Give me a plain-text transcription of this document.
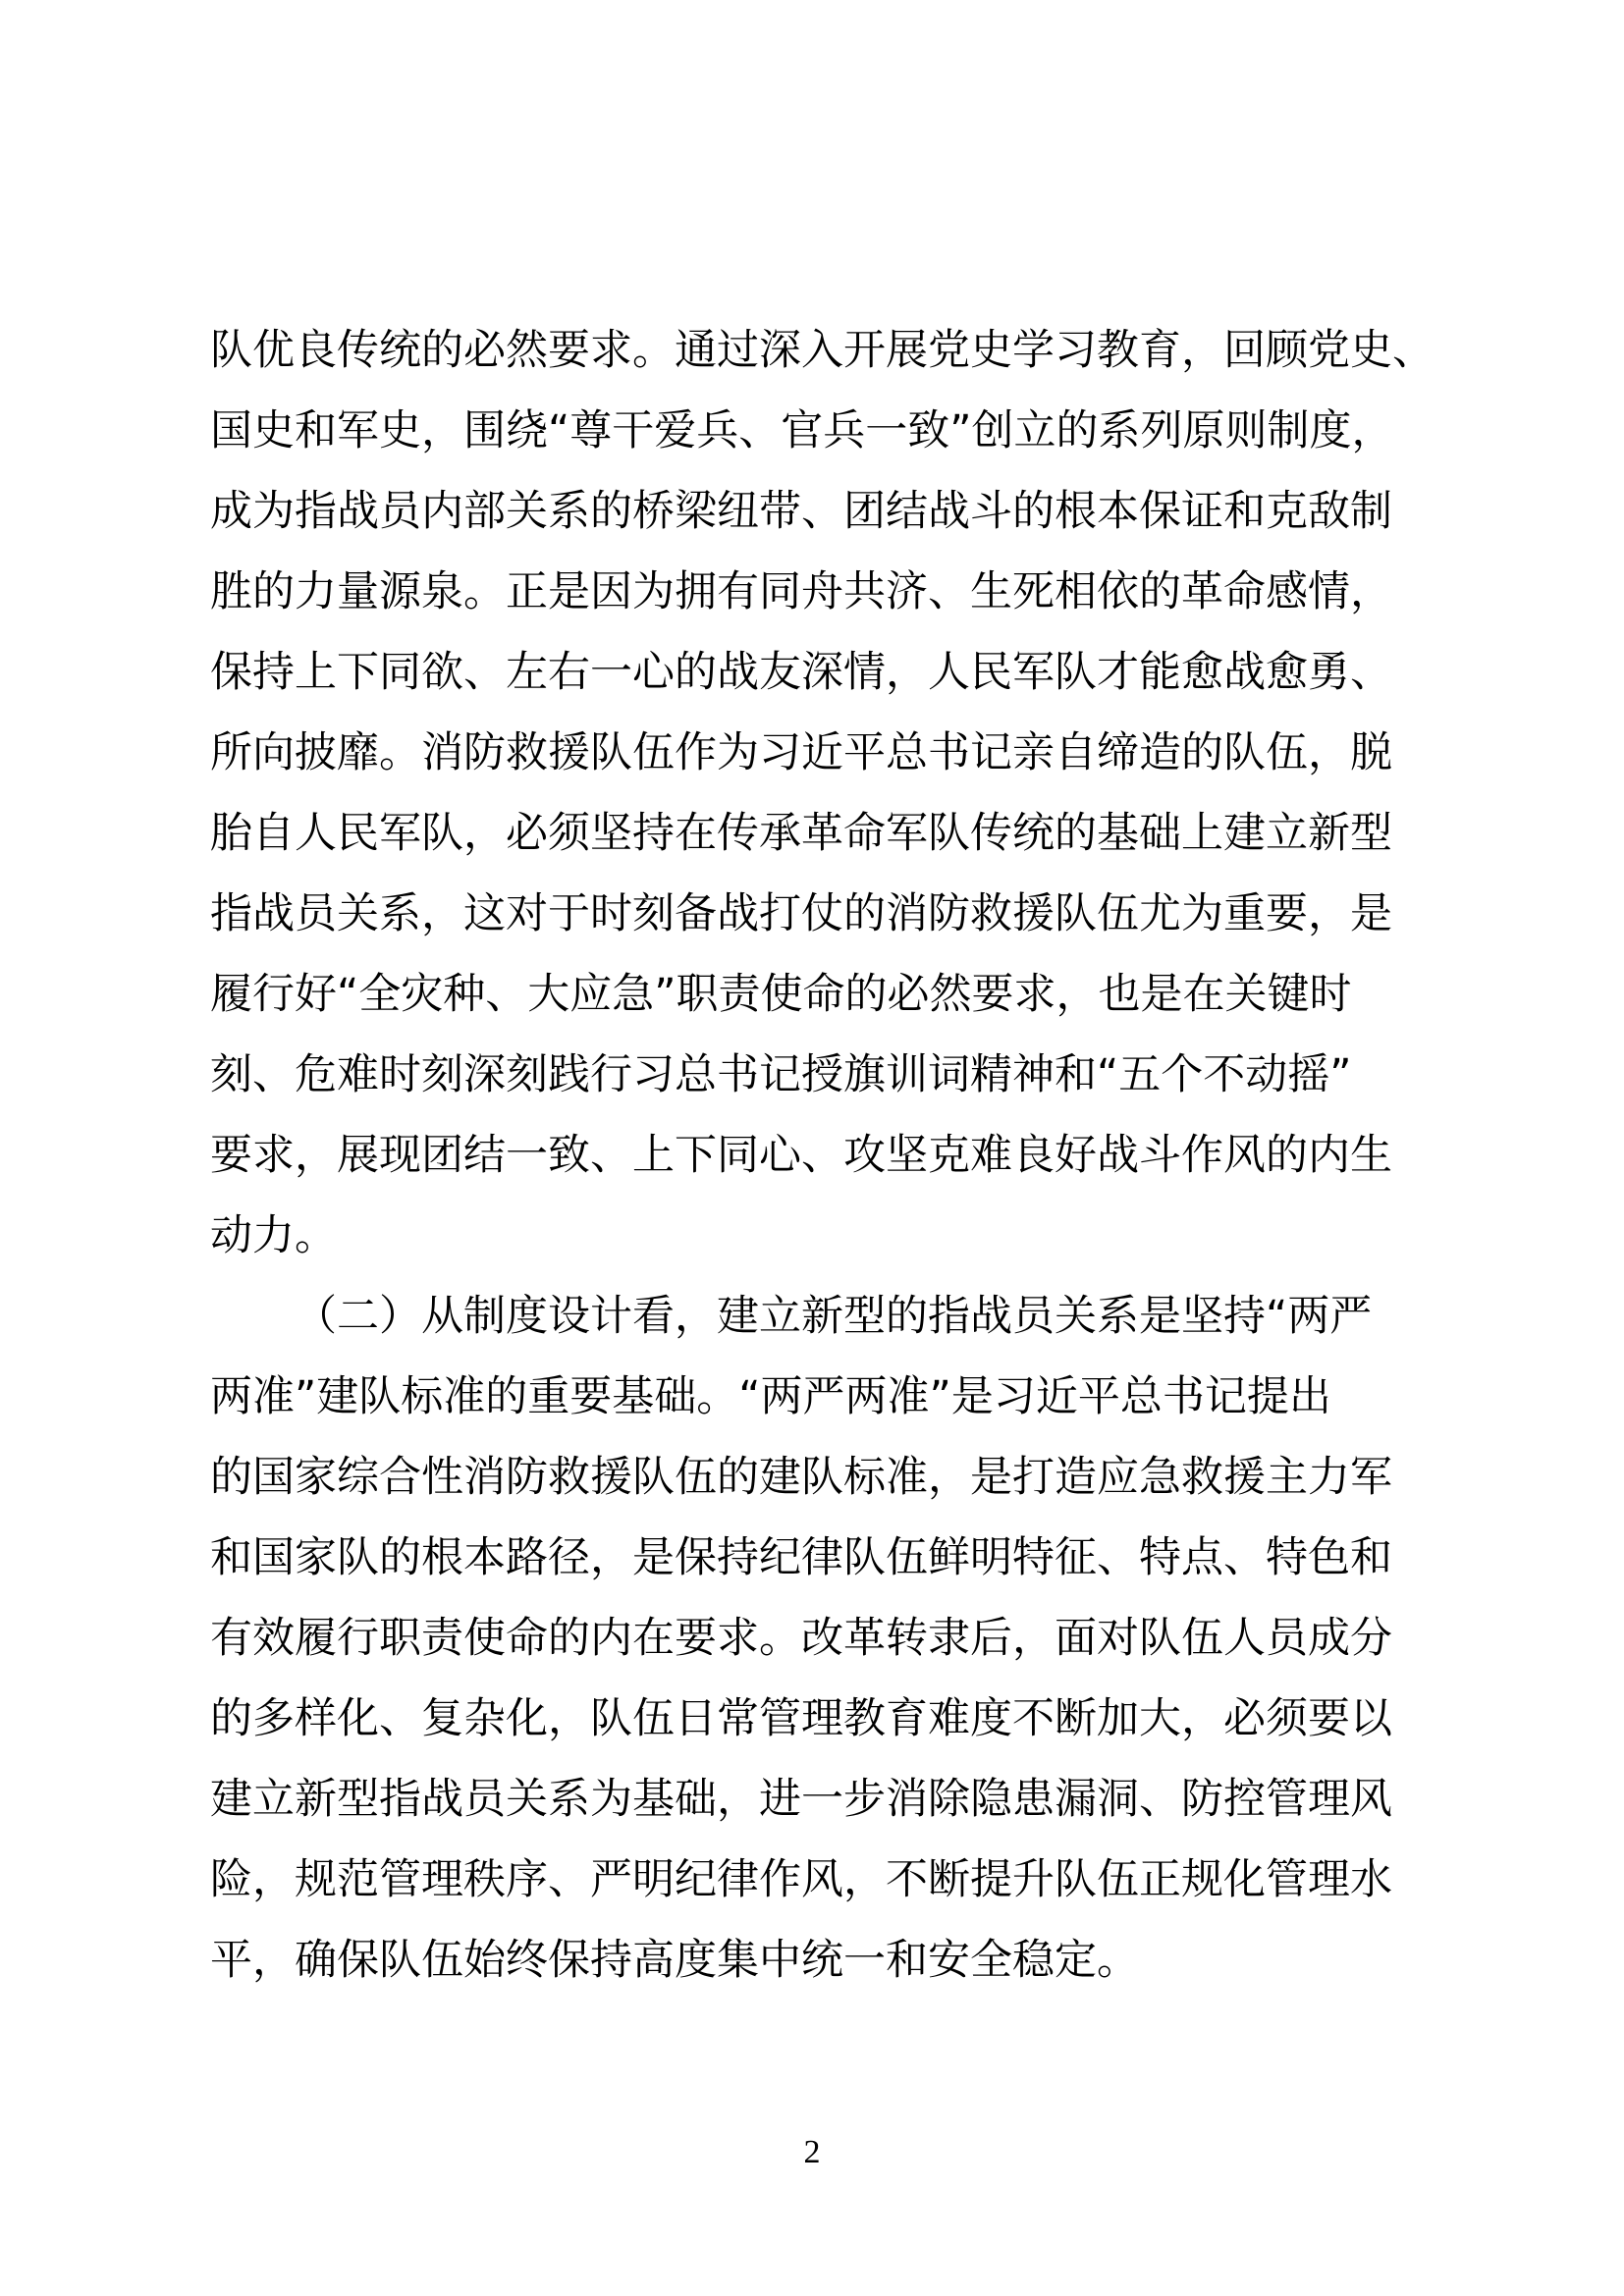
队优良传统的必然要求。通过深入开展党史学习教育，回顾党史、
国史和军史，围绕“尊干爱兵、官兵一致”创立的系列原则制度，
成为指战员内部关系的桥梁纽带、团结战斗的根本保证和克敌制
胜的力量源泉。正是因为拥有同舟共济、生死相依的革命感情，
保持上下同欲、左右一心的战友深情，人民军队才能愈战愈勇、
所向披靡。消防救援队伍作为习近平总书记亲自缔造的队伍，脱
胎自人民军队，必须坚持在传承革命军队传统的基础上建立新型
指战员关系，这对于时刻备战打仗的消防救援队伍尤为重要，是
履行好“全灾种、大应急”职责使命的必然要求，也是在关键时
刻、危难时刻深刻践行习总书记授旗训词精神和“五个不动摇”
要求，展现团结一致、上下同心、攻坚克难良好战斗作风的内生
动力。
（二）从制度设计看，建立新型的指战员关系是坚持“两严
两准”建队标准的重要基础。“两严两准”是习近平总书记提出
的国家综合性消防救援队伍的建队标准，是打造应急救援主力军
和国家队的根本路径，是保持纪律队伍鲜明特征、特点、特色和
有效履行职责使命的内在要求。改革转隶后，面对队伍人员成分
的多样化、复杂化，队伍日常管理教育难度不断加大，必须要以
建立新型指战员关系为基础，进一步消除隐患漏洞、防控管理风
险，规范管理秩序、严明纪律作风，不断提升队伍正规化管理水
平，确保队伍始终保持高度集中统一和安全稳定。
2
